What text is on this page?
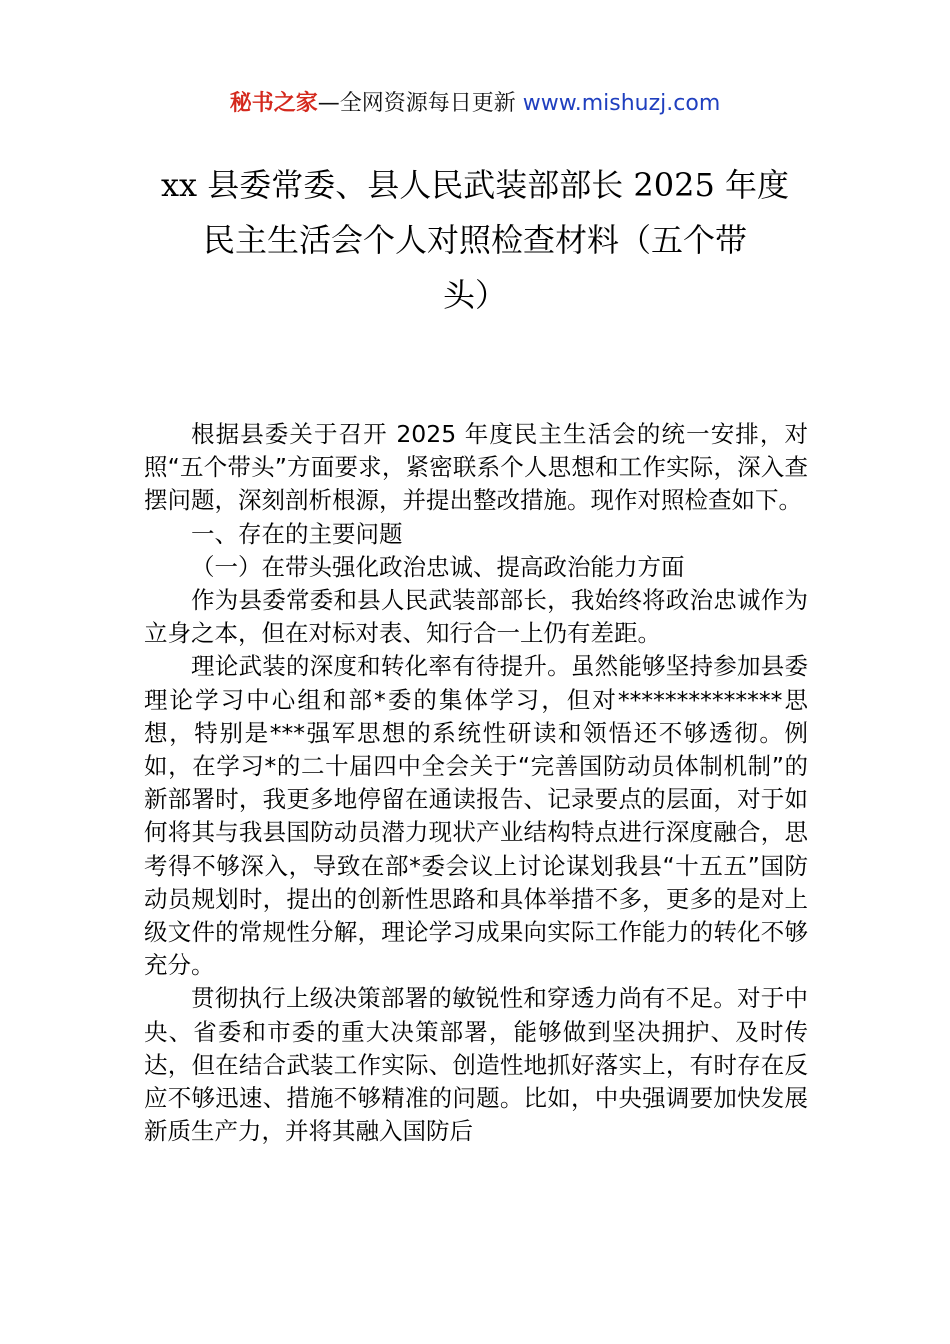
秘书之家—全网资源每日更新 www.mishuzj.com
xx 县委常委、县人民武装部部长 2025 年度
民主生活会个人对照检查材料（五个带
头）

根据县委关于召开 2025 年度民主生活会的统一安排，对照“五个带头”方面要求，紧密联系个人思想和工作实际，深入查摆问题，深刻剖析根源，并提出整改措施。现作对照检查如下。

一、存在的主要问题

（一）在带头强化政治忠诚、提高政治能力方面

作为县委常委和县人民武装部部长，我始终将政治忠诚作为立身之本，但在对标对表、知行合一上仍有差距。

理论武装的深度和转化率有待提升。虽然能够坚持参加县委理论学习中心组和部*委的集体学习，但对**************思想，特别是***强军思想的系统性研读和领悟还不够透彻。例如，在学习*的二十届四中全会关于“完善国防动员体制机制”的新部署时，我更多地停留在通读报告、记录要点的层面，对于如何将其与我县国防动员潜力现状产业结构特点进行深度融合，思考得不够深入，导致在部*委会议上讨论谋划我县“十五五”国防动员规划时，提出的创新性思路和具体举措不多，更多的是对上级文件的常规性分解，理论学习成果向实际工作能力的转化不够充分。

贯彻执行上级决策部署的敏锐性和穿透力尚有不足。对于中央、省委和市委的重大决策部署，能够做到坚决拥护、及时传达，但在结合武装工作实际、创造性地抓好落实上，有时存在反应不够迅速、措施不够精准的问题。比如，中央强调要加快发展新质生产力，并将其融入国防后
